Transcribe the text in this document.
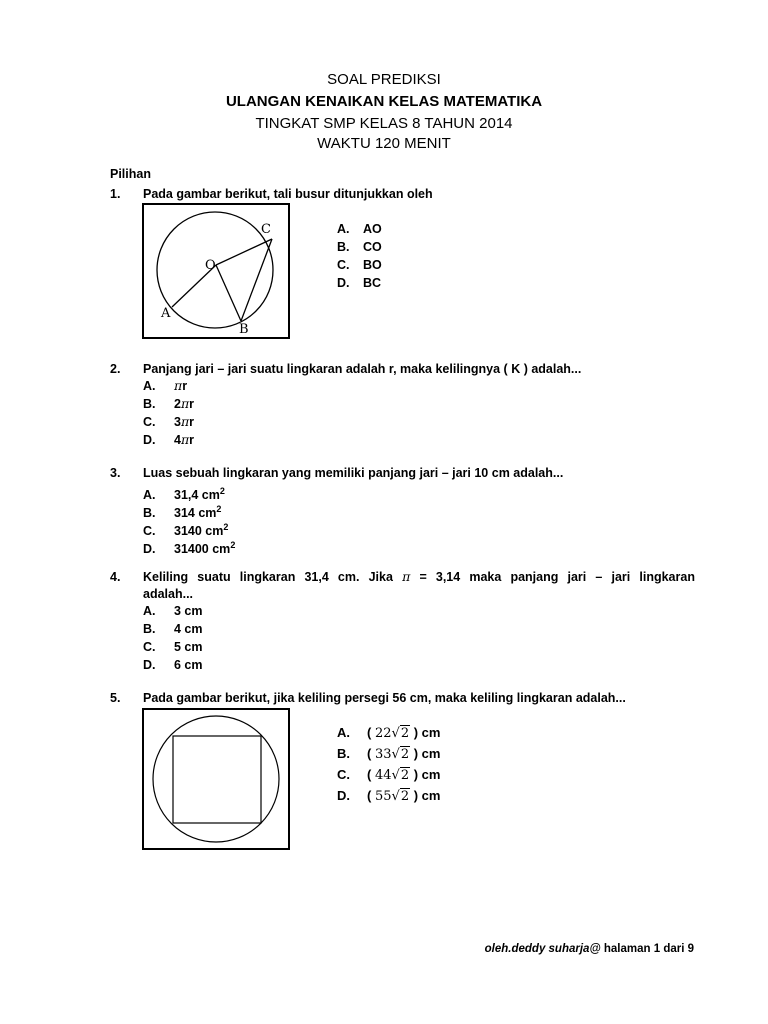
SOAL PREDIKSI
ULANGAN KENAIKAN KELAS MATEMATIKA
TINGKAT SMP KELAS 8 TAHUN 2014
WAKTU 120 MENIT
Pilihan
1. Pada gambar berikut, tali busur ditunjukkan oleh
C
O
A
B
A. AO
B. CO
C. BO
D. BC
2. Panjang jari – jari suatu lingkaran adalah r, maka kelilingnya ( K ) adalah...
A. πr
B. 2πr
C. 3πr
D. 4πr
3. Luas sebuah lingkaran yang memiliki panjang jari – jari 10 cm adalah...
A. 31,4 $cm^2$
B. 314 $cm^2$
C. 3140 $cm^2$
D. 31400 $cm^2$
4. Keliling suatu lingkaran 31,4 cm. Jika π = 3,14 maka panjang jari – jari lingkaran
adalah...
A. 3 cm
B. 4 cm
C. 5 cm
D. 6 cm
5. Pada gambar berikut, jika keliling persegi 56 cm, maka keliling lingkaran adalah...
A. ( 22√2 ) cm
B. ( 33√2 ) cm
C. ( 44√2 ) cm
D. ( 55√2 ) cm
oleh.deddy suharja@ halaman 1 dari 9
